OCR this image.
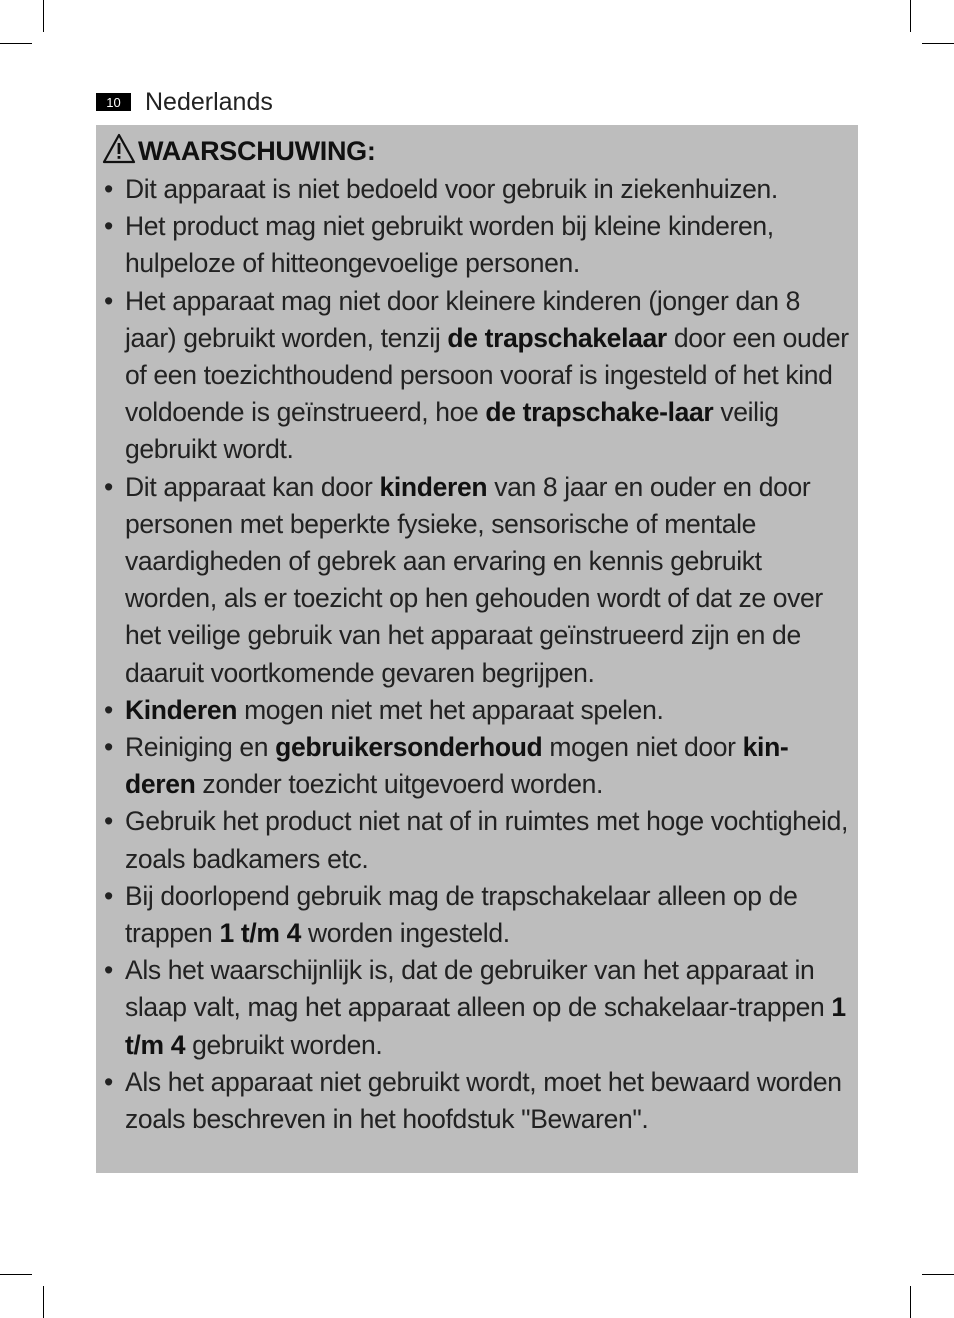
10 Nederlands
WAARSCHUWING:
• Dit apparaat is niet bedoeld voor gebruik in ziekenhuizen.
• Het product mag niet gebruikt worden bij kleine kinderen, hulpeloze of hitteongevoelige personen.
• Het apparaat mag niet door kleinere kinderen (jonger dan 8 jaar) gebruikt worden, tenzij de trapschakelaar door een ouder of een toezichthoudend persoon vooraf is ingesteld of het kind voldoende is geïnstrueerd, hoe de trapschake-laar veilig gebruikt wordt.
• Dit apparaat kan door kinderen van 8 jaar en ouder en door personen met beperkte fysieke, sensorische of mentale vaardigheden of gebrek aan ervaring en kennis gebruikt worden, als er toezicht op hen gehouden wordt of dat ze over het veilige gebruik van het apparaat geïnstrueerd zijn en de daaruit voortkomende gevaren begrijpen.
• Kinderen mogen niet met het apparaat spelen.
• Reiniging en gebruikersonderhoud mogen niet door kin-deren zonder toezicht uitgevoerd worden.
• Gebruik het product niet nat of in ruimtes met hoge vochtigheid, zoals badkamers etc.
• Bij doorlopend gebruik mag de trapschakelaar alleen op de trappen 1 t/m 4 worden ingesteld.
• Als het waarschijnlijk is, dat de gebruiker van het apparaat in slaap valt, mag het apparaat alleen op de schakelaar-trappen 1 t/m 4 gebruikt worden.
• Als het apparaat niet gebruikt wordt, moet het bewaard worden zoals beschreven in het hoofdstuk "Bewaren".
